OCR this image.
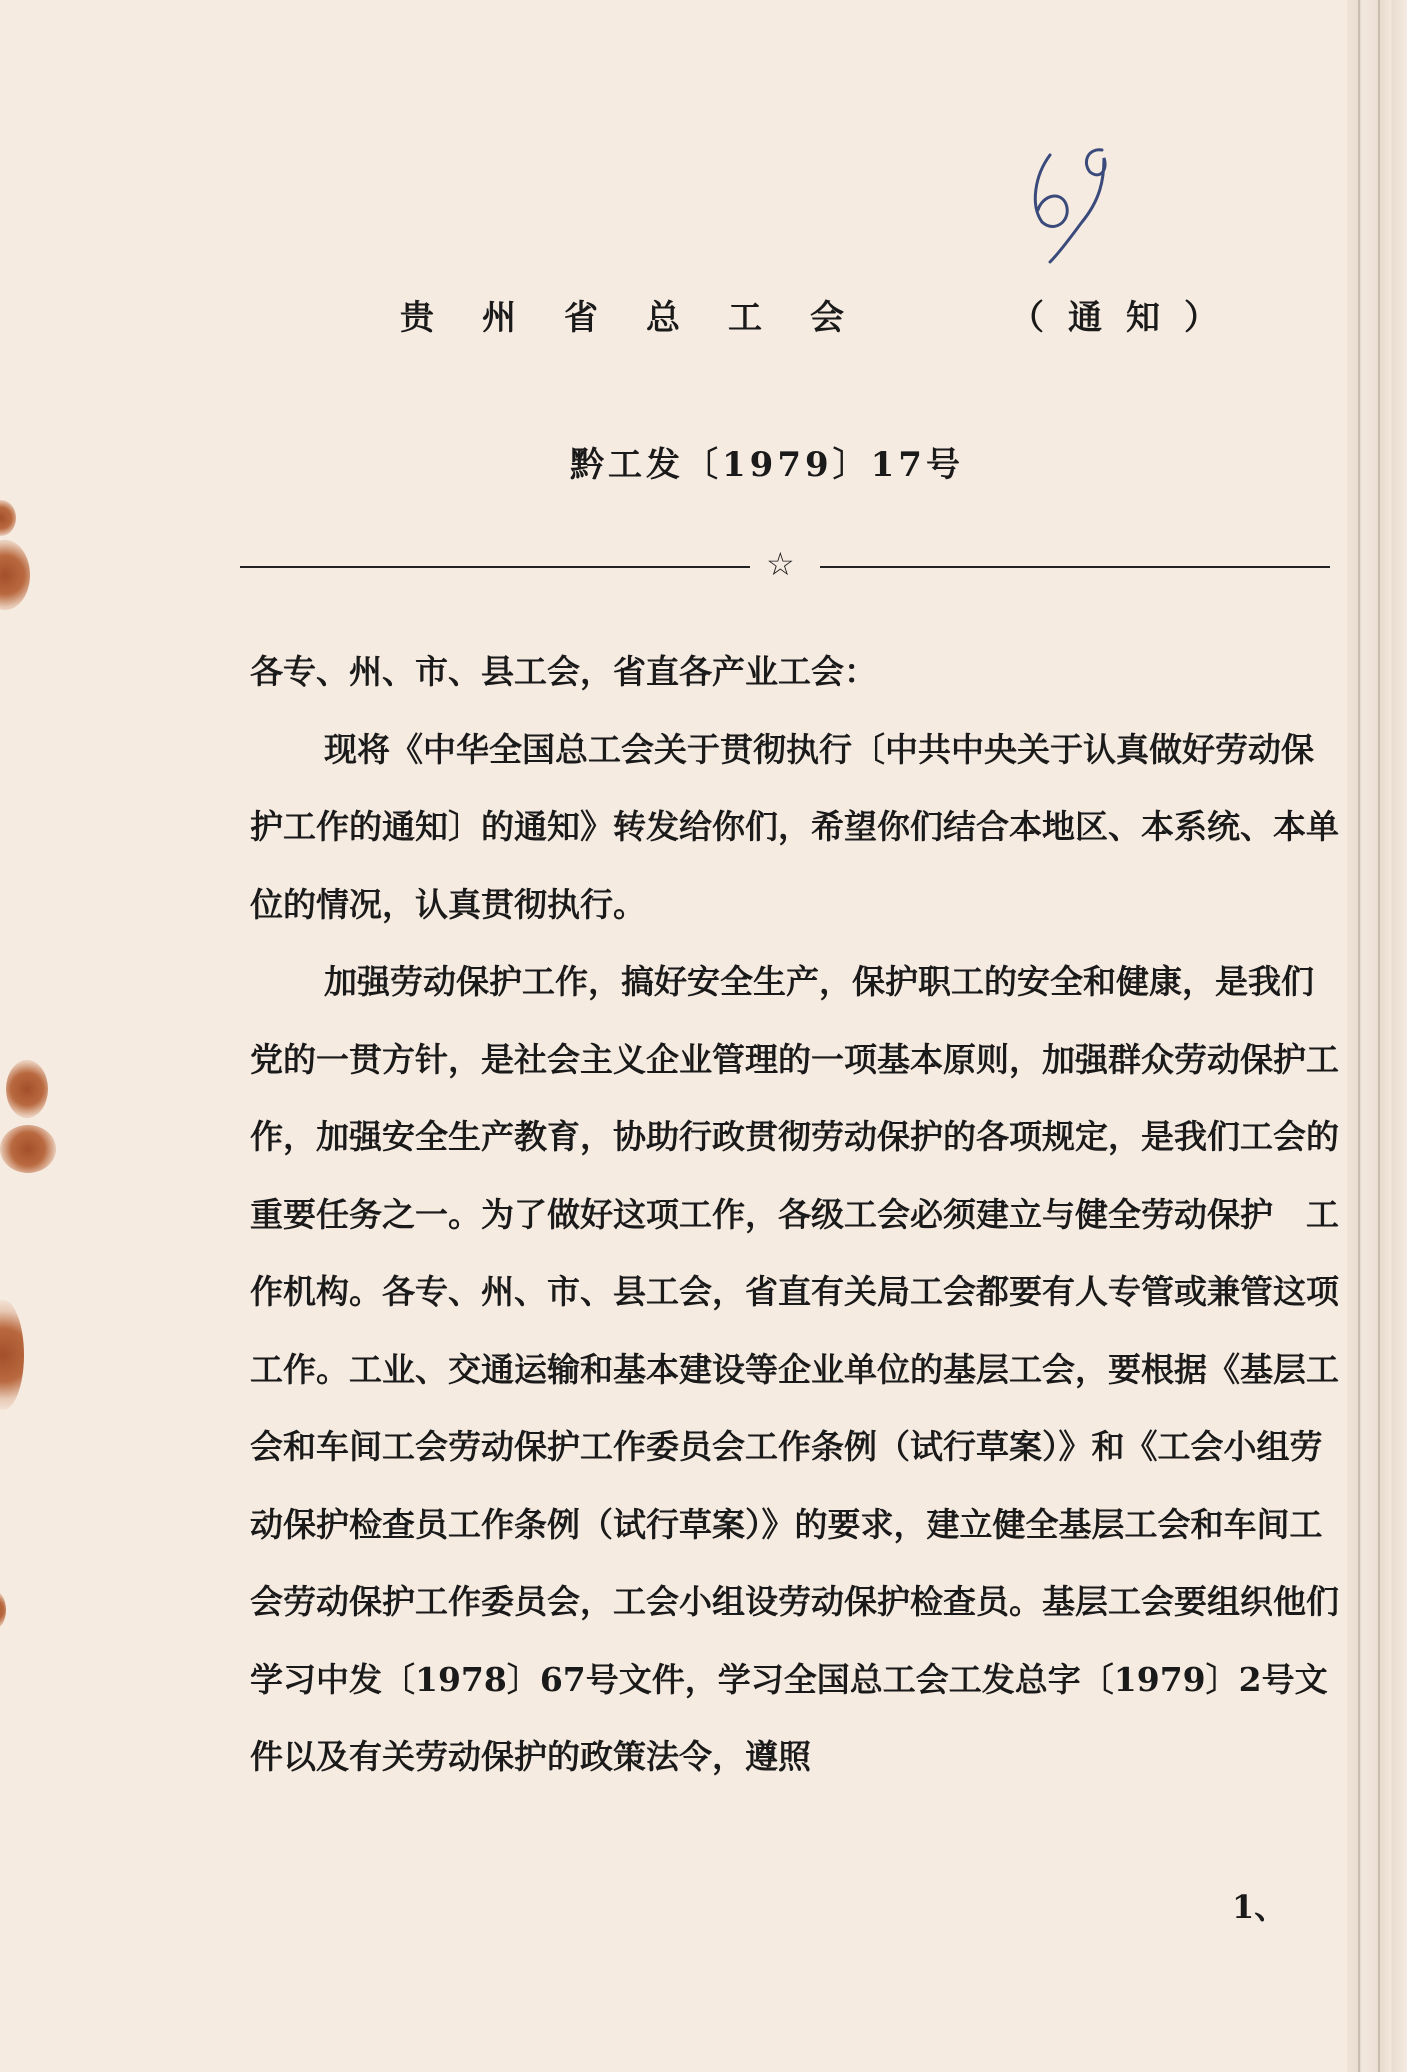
贵州省总工会	（通知）
黔工发〔1979〕17号
☆

各专、州、市、县工会，省直各产业工会：

现将《中华全国总工会关于贯彻执行〔中共中央关于认真做好劳动保护工作的通知〕的通知》转发给你们，希望你们结合本地区、本系统、本单位的情况，认真贯彻执行。

加强劳动保护工作，搞好安全生产，保护职工的安全和健康，是我们党的一贯方针，是社会主义企业管理的一项基本原则，加强群众劳动保护工作，加强安全生产教育，协助行政贯彻劳动保护的各项规定，是我们工会的重要任务之一。为了做好这项工作，各级工会必须建立与健全劳动保护　工作机构。各专、州、市、县工会，省直有关局工会都要有人专管或兼管这项工作。工业、交通运输和基本建设等企业单位的基层工会，要根据《基层工会和车间工会劳动保护工作委员会工作条例（试行草案）》和《工会小组劳动保护检查员工作条例（试行草案）》的要求，建立健全基层工会和车间工会劳动保护工作委员会，工会小组设劳动保护检查员。基层工会要组织他们学习中发〔1978〕67号文件，学习全国总工会工发总字〔1979〕2号文件以及有关劳动保护的政策法令，遵照

1、
